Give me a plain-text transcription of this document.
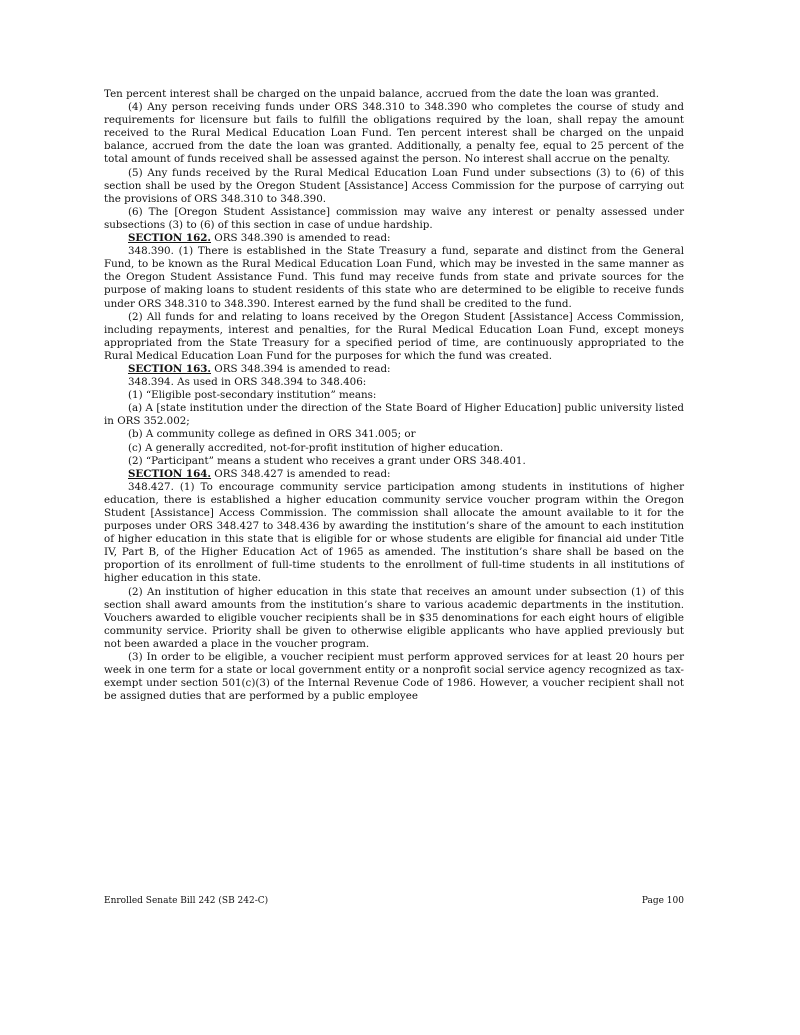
Ten percent interest shall be charged on the unpaid balance, accrued from the date the loan was granted.

(4) Any person receiving funds under ORS 348.310 to 348.390 who completes the course of study and requirements for licensure but fails to fulfill the obligations required by the loan, shall repay the amount received to the Rural Medical Education Loan Fund. Ten percent interest shall be charged on the unpaid balance, accrued from the date the loan was granted. Additionally, a penalty fee, equal to 25 percent of the total amount of funds received shall be assessed against the person. No interest shall accrue on the penalty.

(5) Any funds received by the Rural Medical Education Loan Fund under subsections (3) to (6) of this section shall be used by the Oregon Student [Assistance] Access Commission for the purpose of carrying out the provisions of ORS 348.310 to 348.390.

(6) The [Oregon Student Assistance] commission may waive any interest or penalty assessed under subsections (3) to (6) of this section in case of undue hardship.

SECTION 162. ORS 348.390 is amended to read:

348.390. (1) There is established in the State Treasury a fund, separate and distinct from the General Fund, to be known as the Rural Medical Education Loan Fund, which may be invested in the same manner as the Oregon Student Assistance Fund. This fund may receive funds from state and private sources for the purpose of making loans to student residents of this state who are determined to be eligible to receive funds under ORS 348.310 to 348.390. Interest earned by the fund shall be credited to the fund.

(2) All funds for and relating to loans received by the Oregon Student [Assistance] Access Commission, including repayments, interest and penalties, for the Rural Medical Education Loan Fund, except moneys appropriated from the State Treasury for a specified period of time, are continuously appropriated to the Rural Medical Education Loan Fund for the purposes for which the fund was created.

SECTION 163. ORS 348.394 is amended to read:

348.394. As used in ORS 348.394 to 348.406:

(1) “Eligible post-secondary institution” means:

(a) A [state institution under the direction of the State Board of Higher Education] public university listed in ORS 352.002;

(b) A community college as defined in ORS 341.005; or

(c) A generally accredited, not-for-profit institution of higher education.

(2) “Participant” means a student who receives a grant under ORS 348.401.

SECTION 164. ORS 348.427 is amended to read:

348.427. (1) To encourage community service participation among students in institutions of higher education, there is established a higher education community service voucher program within the Oregon Student [Assistance] Access Commission. The commission shall allocate the amount available to it for the purposes under ORS 348.427 to 348.436 by awarding the institution’s share of the amount to each institution of higher education in this state that is eligible for or whose students are eligible for financial aid under Title IV, Part B, of the Higher Education Act of 1965 as amended. The institution’s share shall be based on the proportion of its enrollment of full-time students to the enrollment of full-time students in all institutions of higher education in this state.

(2) An institution of higher education in this state that receives an amount under subsection (1) of this section shall award amounts from the institution’s share to various academic departments in the institution. Vouchers awarded to eligible voucher recipients shall be in $35 denominations for each eight hours of eligible community service. Priority shall be given to otherwise eligible applicants who have applied previously but not been awarded a place in the voucher program.

(3) In order to be eligible, a voucher recipient must perform approved services for at least 20 hours per week in one term for a state or local government entity or a nonprofit social service agency recognized as tax-exempt under section 501(c)(3) of the Internal Revenue Code of 1986. However, a voucher recipient shall not be assigned duties that are performed by a public employee

Enrolled Senate Bill 242 (SB 242-C)	Page 100
